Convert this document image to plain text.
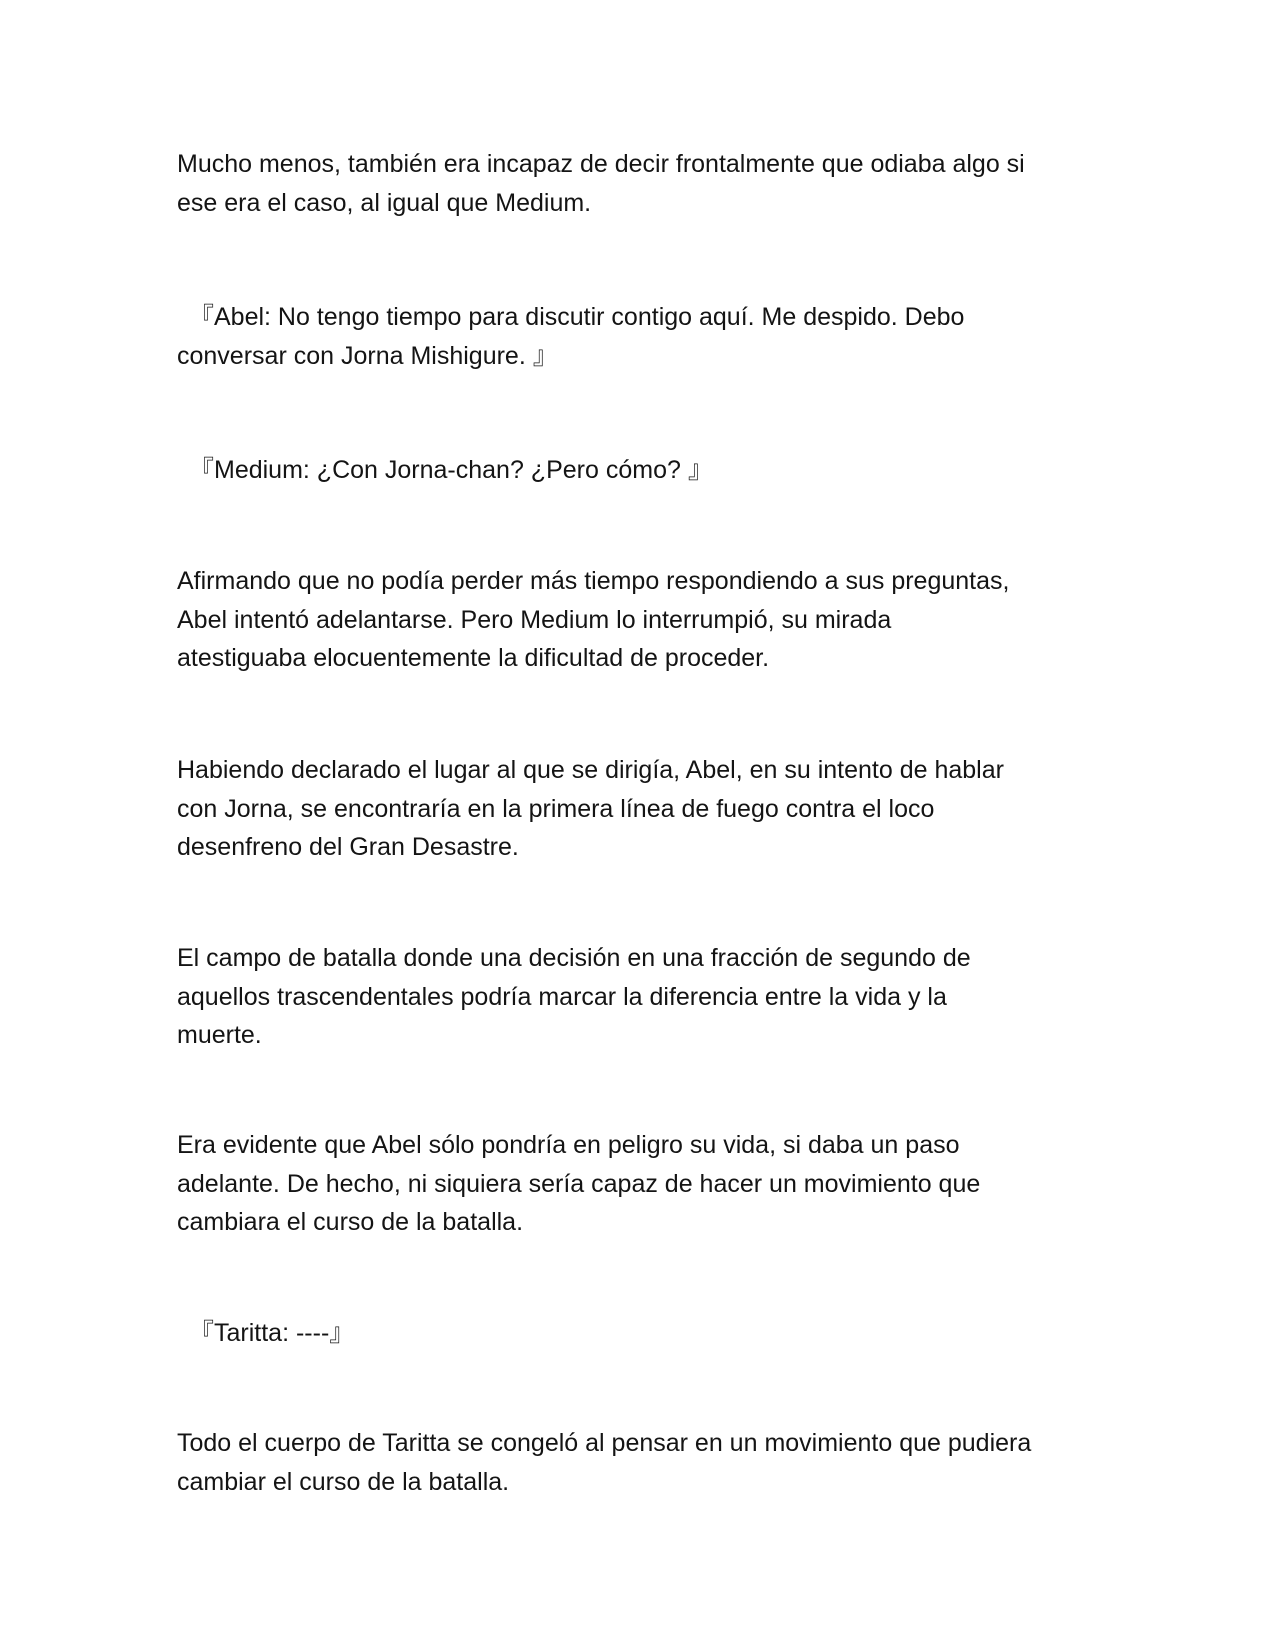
Mucho menos, también era incapaz de decir frontalmente que odiaba algo si
ese era el caso, al igual que Medium.

『Abel: No tengo tiempo para discutir contigo aquí. Me despido. Debo
conversar con Jorna Mishigure. 』

『Medium: ¿Con Jorna-chan? ¿Pero cómo? 』

Afirmando que no podía perder más tiempo respondiendo a sus preguntas,
Abel intentó adelantarse. Pero Medium lo interrumpió, su mirada
atestiguaba elocuentemente la dificultad de proceder.

Habiendo declarado el lugar al que se dirigía, Abel, en su intento de hablar
con Jorna, se encontraría en la primera línea de fuego contra el loco
desenfreno del Gran Desastre.

El campo de batalla donde una decisión en una fracción de segundo de
aquellos trascendentales podría marcar la diferencia entre la vida y la
muerte.

Era evidente que Abel sólo pondría en peligro su vida, si daba un paso
adelante. De hecho, ni siquiera sería capaz de hacer un movimiento que
cambiara el curso de la batalla.

『Taritta: ----』

Todo el cuerpo de Taritta se congeló al pensar en un movimiento que pudiera
cambiar el curso de la batalla.
